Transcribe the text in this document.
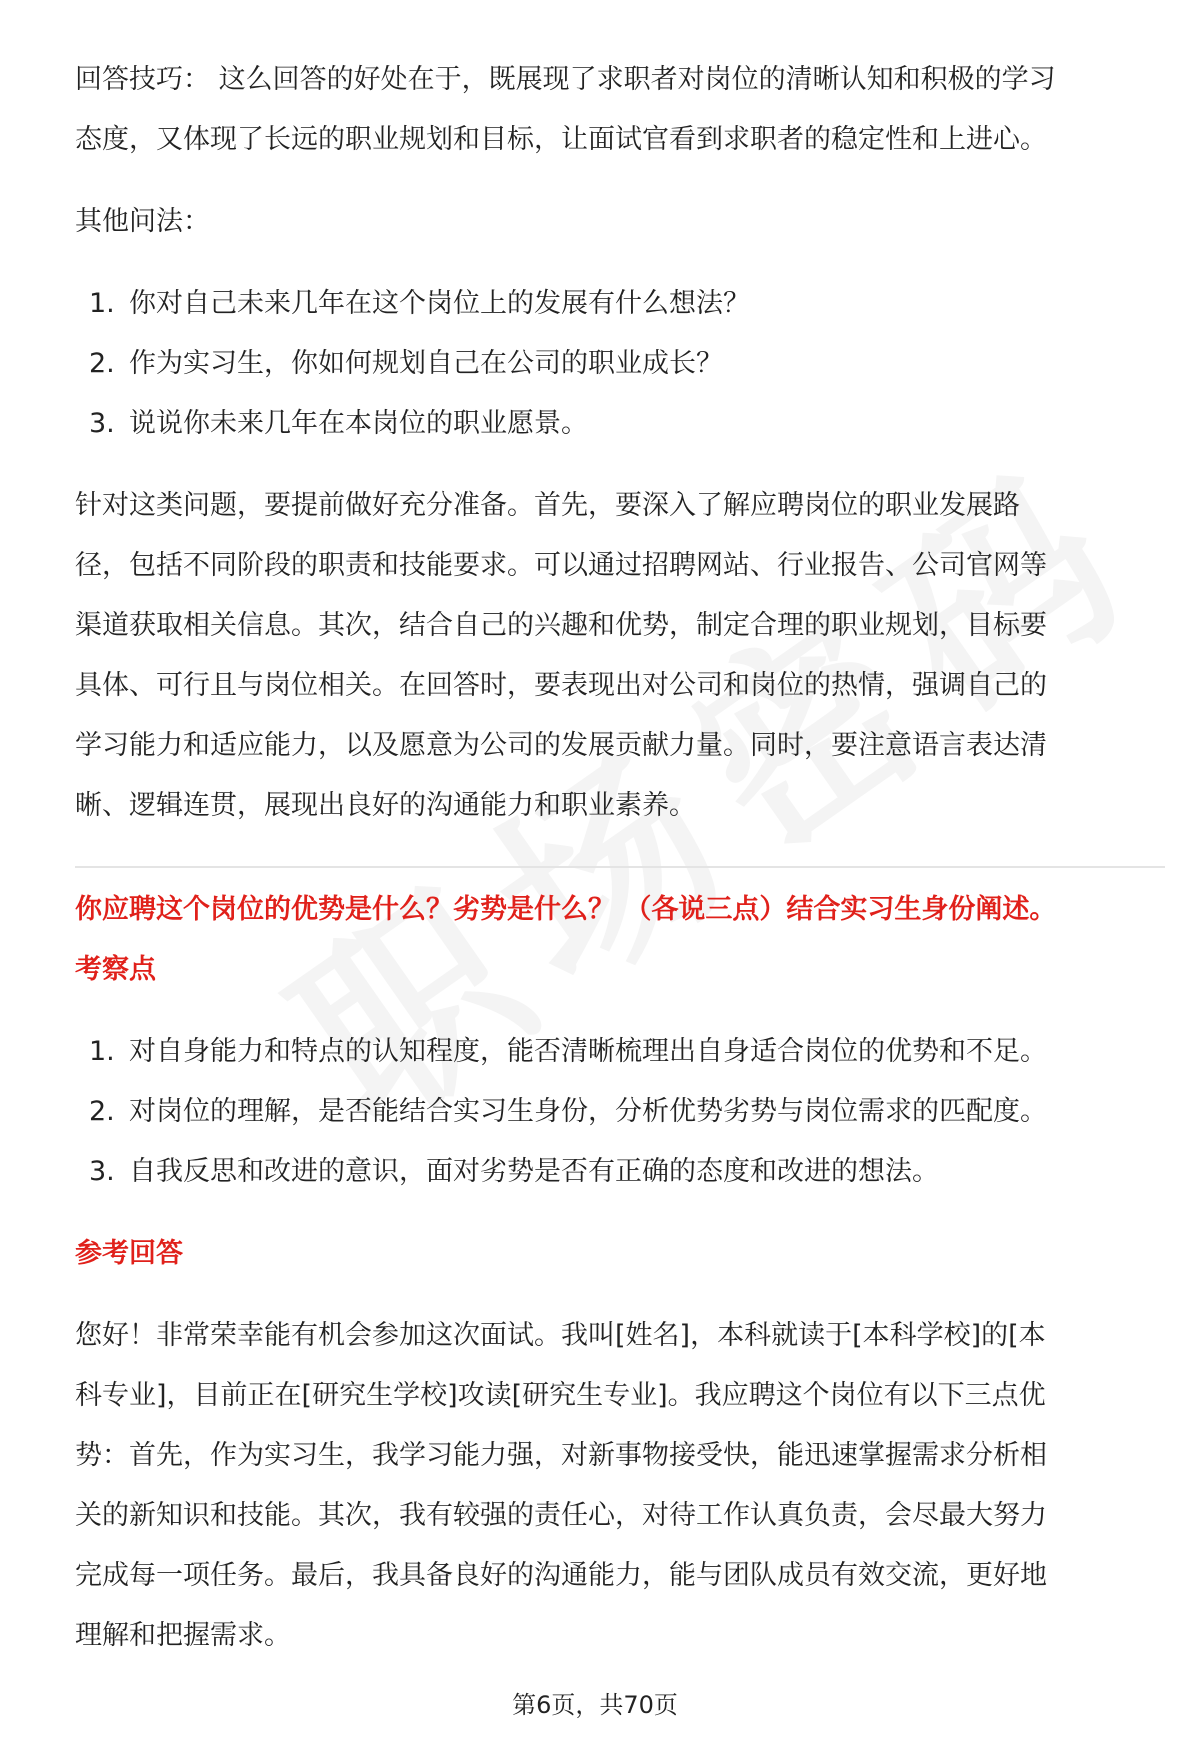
回答技巧： 这么回答的好处在于，既展现了求职者对岗位的清晰认知和积极的学习

态度，又体现了长远的职业规划和目标，让面试官看到求职者的稳定性和上进心。

其他问法：

1. 你对自己未来几年在这个岗位上的发展有什么想法？
2. 作为实习生，你如何规划自己在公司的职业成长？
3. 说说你未来几年在本岗位的职业愿景。

针对这类问题，要提前做好充分准备。首先，要深入了解应聘岗位的职业发展路

径，包括不同阶段的职责和技能要求。可以通过招聘网站、行业报告、公司官网等

渠道获取相关信息。其次，结合自己的兴趣和优势，制定合理的职业规划，目标要

具体、可行且与岗位相关。在回答时，要表现出对公司和岗位的热情，强调自己的

学习能力和适应能力，以及愿意为公司的发展贡献力量。同时，要注意语言表达清

晰、逻辑连贯，展现出良好的沟通能力和职业素养。

你应聘这个岗位的优势是什么？劣势是什么？ （各说三点）结合实习生身份阐述。

考察点

1. 对自身能力和特点的认知程度，能否清晰梳理出自身适合岗位的优势和不足。
2. 对岗位的理解，是否能结合实习生身份，分析优势劣势与岗位需求的匹配度。
3. 自我反思和改进的意识，面对劣势是否有正确的态度和改进的想法。

参考回答

您好！非常荣幸能有机会参加这次面试。我叫[姓名]，本科就读于[本科学校]的[本

科专业]，目前正在[研究生学校]攻读[研究生专业]。我应聘这个岗位有以下三点优

势：首先，作为实习生，我学习能力强，对新事物接受快，能迅速掌握需求分析相

关的新知识和技能。其次，我有较强的责任心，对待工作认真负责，会尽最大努力

完成每一项任务。最后，我具备良好的沟通能力，能与团队成员有效交流，更好地

理解和把握需求。

第6页，共70页
